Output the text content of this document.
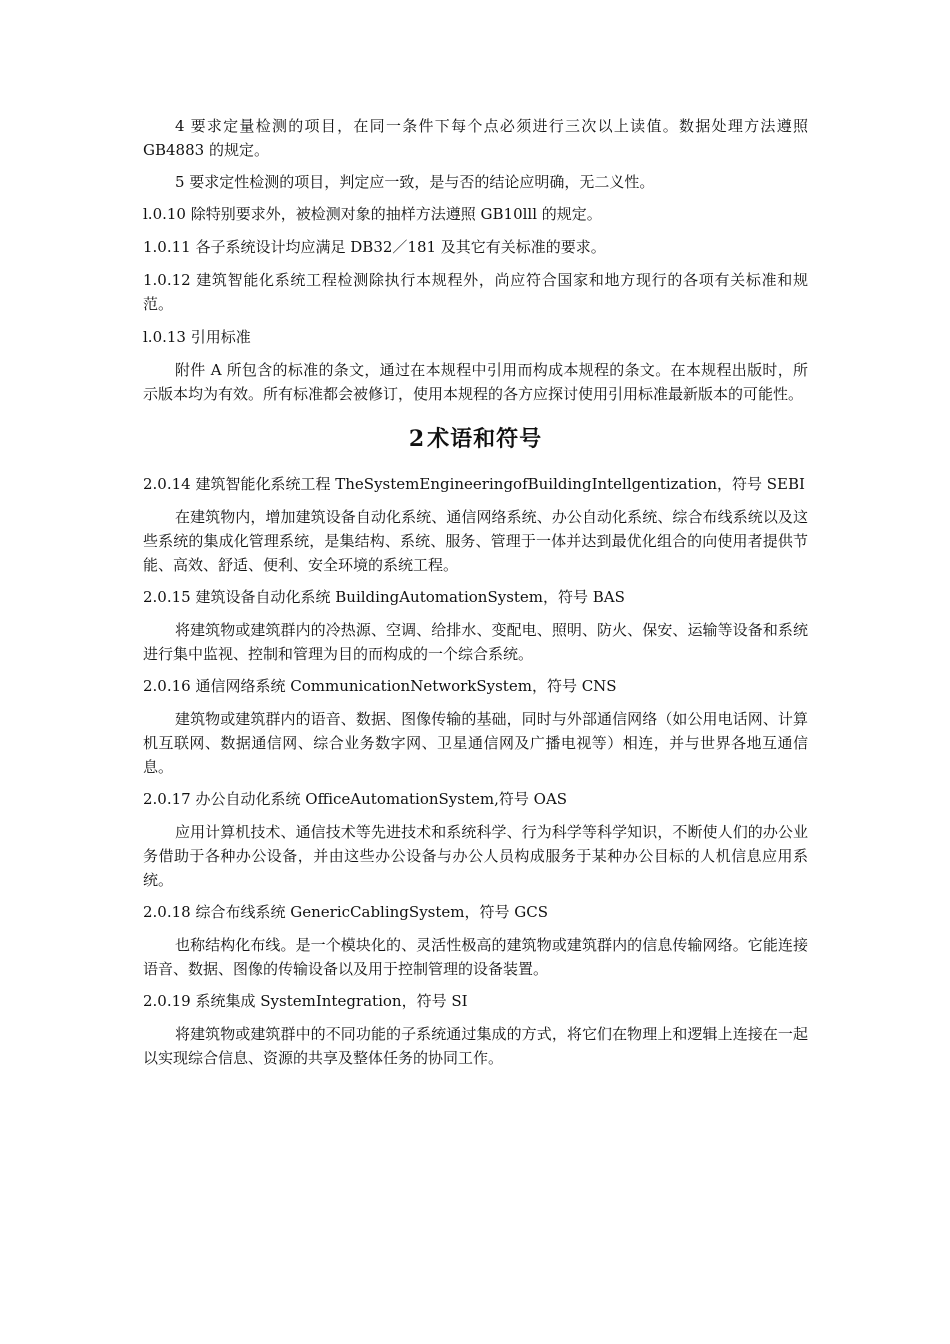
4 要求定量检测的项目，在同一条件下每个点必须进行三次以上读值。数据处理方法遵照 GB4883 的规定。

5 要求定性检测的项目，判定应一致，是与否的结论应明确，无二义性。

l.0.10 除特别要求外，被检测对象的抽样方法遵照 GB10lll 的规定。

1.0.11 各子系统设计均应满足 DB32／181 及其它有关标准的要求。

1.0.12 建筑智能化系统工程检测除执行本规程外，尚应符合国家和地方现行的各项有关标准和规范。

l.0.13 引用标准

附件 A 所包含的标准的条文，通过在本规程中引用而构成本规程的条文。在本规程出版时，所示版本均为有效。所有标准都会被修订，使用本规程的各方应探讨使用引用标准最新版本的可能性。

2术语和符号

2.0.14 建筑智能化系统工程 TheSystemEngineeringofBuildingIntellgentization，符号 SEBI

在建筑物内，增加建筑设备自动化系统、通信网络系统、办公自动化系统、综合布线系统以及这些系统的集成化管理系统，是集结构、系统、服务、管理于一体并达到最优化组合的向使用者提供节能、高效、舒适、便利、安全环境的系统工程。

2.0.15 建筑设备自动化系统 BuildingAutomationSystem，符号 BAS

将建筑物或建筑群内的冷热源、空调、给排水、变配电、照明、防火、保安、运输等设备和系统进行集中监视、控制和管理为目的而构成的一个综合系统。

2.0.16 通信网络系统 CommunicationNetworkSystem，符号 CNS

建筑物或建筑群内的语音、数据、图像传输的基础，同时与外部通信网络（如公用电话网、计算机互联网、数据通信网、综合业务数字网、卫星通信网及广播电视等）相连，并与世界各地互通信息。

2.0.17 办公自动化系统 OfficeAutomationSystem,符号 OAS

应用计算机技术、通信技术等先进技术和系统科学、行为科学等科学知识，不断使人们的办公业务借助于各种办公设备，并由这些办公设备与办公人员构成服务于某种办公目标的人机信息应用系统。

2.0.18 综合布线系统 GenericCablingSystem，符号 GCS

也称结构化布线。是一个模块化的、灵活性极高的建筑物或建筑群内的信息传输网络。它能连接语音、数据、图像的传输设备以及用于控制管理的设备装置。

2.0.19 系统集成 SystemIntegration，符号 SI

将建筑物或建筑群中的不同功能的子系统通过集成的方式，将它们在物理上和逻辑上连接在一起以实现综合信息、资源的共享及整体任务的协同工作。
